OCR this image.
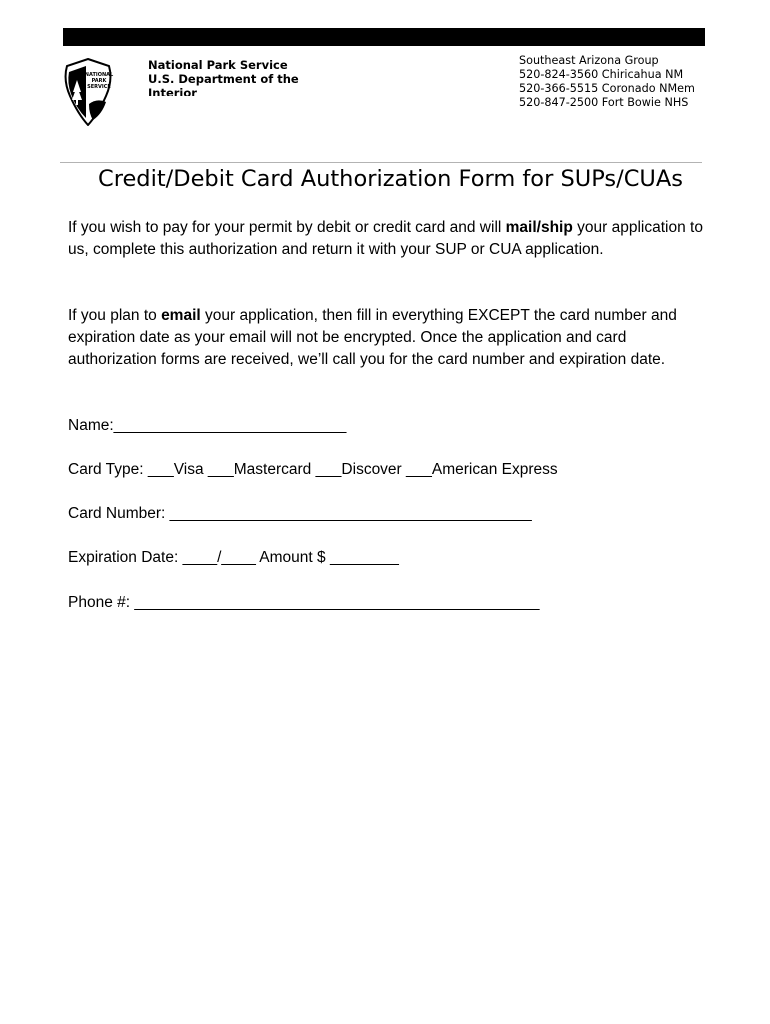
NATIONAL
PARK
SERVICE
National Park Service
U.S. Department of the
Interior
Southeast Arizona Group
520-824-3560 Chiricahua NM
520-366-5515 Coronado NMem
520-847-2500 Fort Bowie NHS
Credit/Debit Card Authorization Form for SUPs/CUAs
If you wish to pay for your permit by debit or credit card and will mail/ship your application to us, complete this authorization and return it with your SUP or CUA application.
If you plan to email your application, then fill in everything EXCEPT the card number and expiration date as your email will not be encrypted. Once the application and card authorization forms are received, we’ll call you for the card number and expiration date.
Name:___________________________
Card Type: ___Visa ___Mastercard ___Discover ___American Express
Card Number: __________________________________________
Expiration Date: ____/____ Amount $ ________
Phone #: _______________________________________________
